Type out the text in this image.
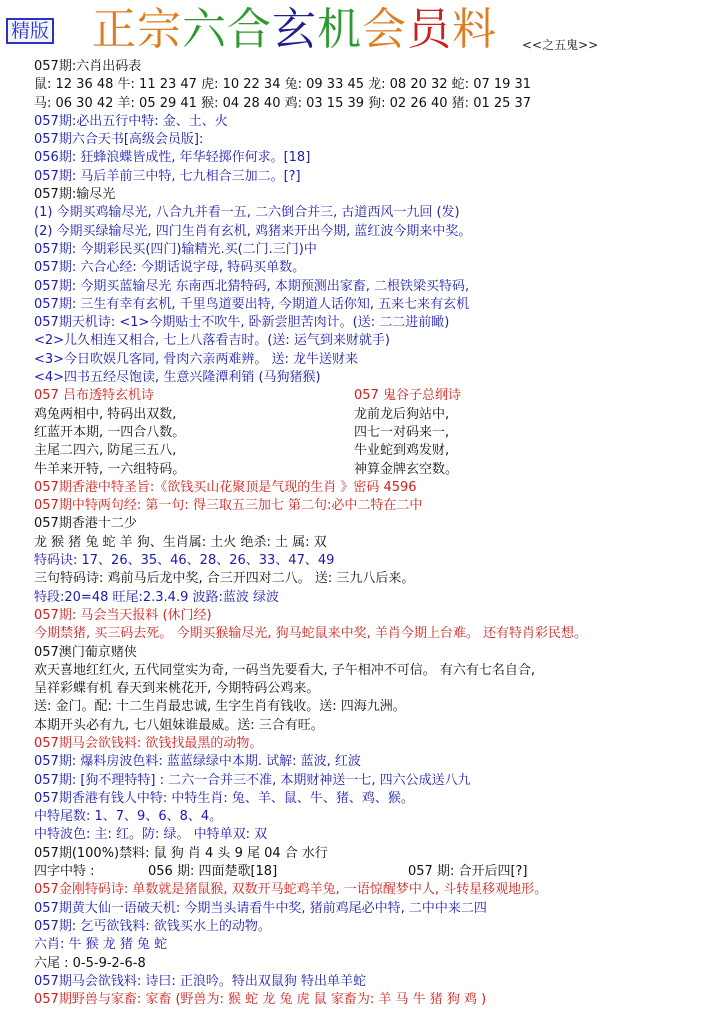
精版 正宗六合玄机会员料 <<之五鬼>>
057期:六肖出码表
鼠: 12 36 48 牛: 11 23 47 虎: 10 22 34 兔: 09 33 45 龙: 08 20 32 蛇: 07 19 31
马: 06 30 42 羊: 05 29 41 猴: 04 28 40 鸡: 03 15 39 狗: 02 26 40 猪: 01 25 37
057期:必出五行中特: 金、土、火
057期六合天书[高级会员版]:
056期: 狂蜂浪蝶皆成性, 年华轻掷作何求。[18]
057期: 马后羊前三中特, 七九相合三加二。[?]
057期:输尽光
(1) 今期买鸡输尽光, 八合九并看一五, 二六倒合并三, 古道西风一九回 (发)
(2) 今期买绿输尽光, 四门生肖有玄机, 鸡猪来开出今期, 蓝红波今期来中奖。
057期: 今期彩民买(四门)输精光.买(二门.三门)中
057期: 六合心经: 今期话说字母, 特码买单数。
057期: 今期买蓝输尽光 东南西北猜特码, 本期预测出家畜, 二根铁梁买特码,
057期: 三生有幸有玄机, 千里鸟道要出特, 今期道人话你知, 五来七来有玄机
057期天机诗: <1>今期贴士不吹牛, 卧新尝胆苦肉计。(送: 二二进前瞰)
<2>儿久相连又相合, 七上八落看吉时。(送: 运气到来财就手)
<3>今日吹娱几客同, 骨肉六亲两难辨。 送: 龙牛送财来
<4>四书五经尽饱读, 生意兴隆潭利销 (马狗猪猴)
057 吕布透特玄机诗	057 鬼谷子总纲诗
鸡兔两相中, 特码出双数,	龙前龙后狗站中,
红蓝开本期, 一四合八数。	四七一对码来一,
主尾二四六, 防尾三五八,	牛业蛇到鸡发财,
牛羊来开特, 一六组特码。	神算金牌玄空数。
057期香港中特圣旨:《欲钱买山花聚顶是气现的生肖 》密码 4596
057期中特两句经: 第一句: 得三取五三加七 第二句:必中二特在二中
057期香港十二少
龙 猴 猪 兔 蛇 羊 狗、生肖属: 土火 绝杀: 土 属: 双
特码诀: 17、26、35、46、28、26、33、47、49
三句特码诗: 鸡前马后龙中奖, 合三开四对二八。 送: 三九八后来。
特段:20=48 旺尾:2.3.4.9 波路:蓝波 绿波
057期: 马会当天报料 (休门经)
今期禁猪, 买三码去死。 今期买猴输尽光, 狗马蛇鼠来中奖, 羊肖今期上台难。 还有特肖彩民想。
057澳门葡京赌侠
欢天喜地红红火, 五代同堂实为奇, 一码当先要看大, 子午相冲不可信。 有六有七名自合,
呈祥彩蝶有机 春天到来桃花开, 今期特码公鸡来。
送: 金门。配: 十二生肖最忠诚, 生字生肖有钱收。送: 四海九洲。
本期开头必有九, 七八姐妹谁最威。送: 三合有旺。
057期马会欲钱料: 欲钱找最黑的动物。
057期: 爆料房波色料: 蓝蓝绿绿中本期. 试解: 蓝波, 红波
057期: [狗不理特特] : 二六一合并三不准, 本期财神送一七, 四六公成送八九
057期香港有钱人中特: 中特生肖: 兔、羊、鼠、牛、猪、鸡、猴。
中特尾数: 1、7、9、6、8、4。
中特波色: 主: 红。防: 绿。 中特单双: 双
057期(100%)禁料: 鼠 狗 肖 4 头 9 尾 04 合 水行
四字中特 :	056 期: 四面楚歌[18]	057 期: 合开后四[?]
057金刚特码诗: 单数就是猪鼠猴, 双数开马蛇鸡羊兔, 一语惊醒梦中人, 斗转星移观地形。
057期黄大仙一语破天机: 今期当头请看牛中奖, 猪前鸡尾必中特, 二中中来二四
057期: 乞丐欲钱料: 欲钱买水上的动物。
六肖: 牛 猴 龙 猪 兔 蛇
六尾 : 0-5-9-2-6-8
057期马会欲钱料: 诗曰: 正浪吟。特出双鼠狗 特出单羊蛇
057期野兽与家畜: 家畜 (野兽为: 猴 蛇 龙 兔 虎 鼠 家畜为: 羊 马 牛 猪 狗 鸡 )
